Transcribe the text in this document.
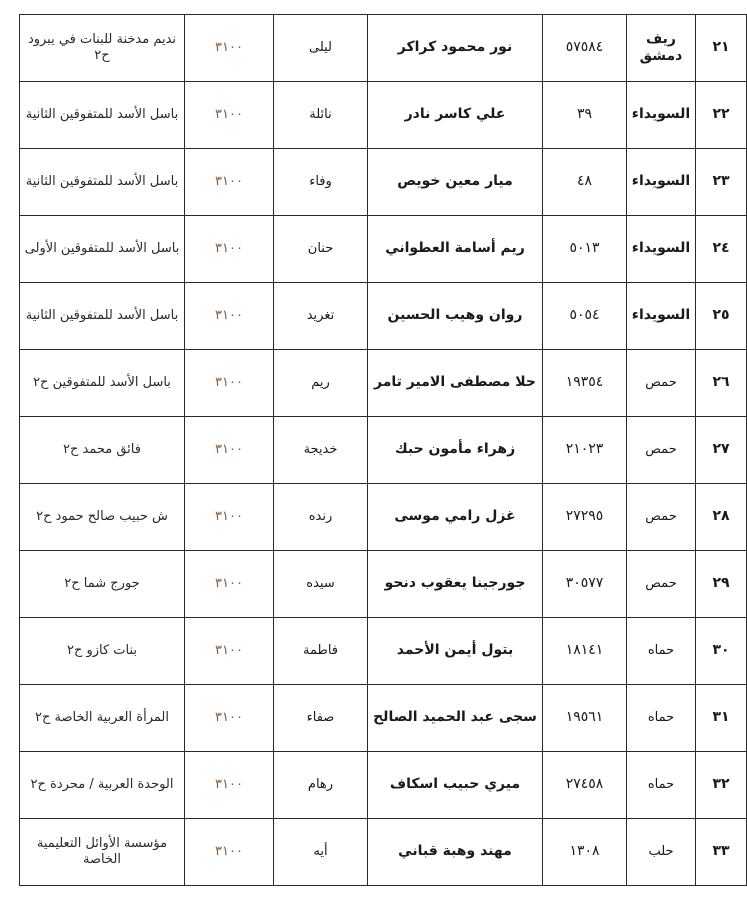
٢١	ريف دمشق	٥٧٥٨٤	نور محمود كراكر	ليلى	٣١٠٠	نديم مدخنة للبنات في يبرود ح٢
٢٢	السويداء	٣٩	علي كاسر نادر	نائلة	٣١٠٠	باسل الأسد للمتفوقين الثانية
٢٣	السويداء	٤٨	ميار معين خويص	وفاء	٣١٠٠	باسل الأسد للمتفوقين الثانية
٢٤	السويداء	٥٠١٣	ريم أسامة العطواني	حنان	٣١٠٠	باسل الأسد للمتفوقين الأولى
٢٥	السويداء	٥٠٥٤	روان وهيب الحسين	تغريد	٣١٠٠	باسل الأسد للمتفوقين الثانية
٢٦	حمص	١٩٣٥٤	حلا مصطفى الامير تامر	ريم	٣١٠٠	باسل الأسد للمتفوقين ح٢
٢٧	حمص	٢١٠٢٣	زهراء مأمون حبك	خديجة	٣١٠٠	فائق محمد ح٢
٢٨	حمص	٢٧٢٩٥	غزل رامي موسى	رنده	٣١٠٠	ش حبيب صالح حمود ح٢
٢٩	حمص	٣٠٥٧٧	جورجينا يعقوب دنحو	سيده	٣١٠٠	جورج شما ح٢
٣٠	حماه	١٨١٤١	بتول أيمن الأحمد	فاطمة	٣١٠٠	بنات كازو ح٢
٣١	حماه	١٩٥٦١	سجى عبد الحميد الصالح	صفاء	٣١٠٠	المرأة العربية الخاصة ح٢
٣٢	حماه	٢٧٤٥٨	ميري حبيب اسكاف	رهام	٣١٠٠	الوحدة العربية / محردة ح٢
٣٣	حلب	١٣٠٨	مهند وهبة قباني	أيه	٣١٠٠	مؤسسة الأوائل التعليمية الخاصة
